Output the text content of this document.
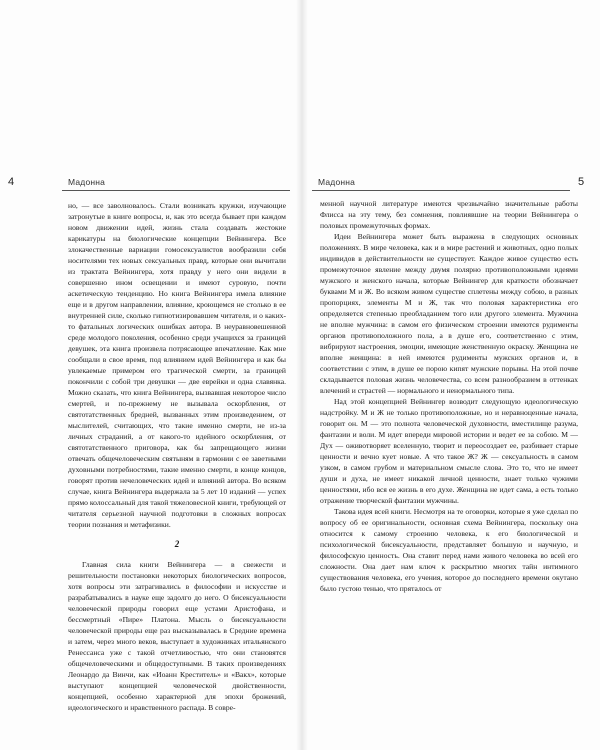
4	Мадонна

но, — все заволновалось. Стали возникать кружки, изучающие затронутые в книге вопросы, и, как это всегда бывает при каждом новом движении идей, жизнь стала создавать жестокие карикатуры на биологические концепции Вейнингера. Все злокачественные вариации гомосексуалистов вообразили себя носителями тех новых сексуальных правд, которые они вычитали из трактата Вейнингера, хотя правду у него они видели в совершенно ином освещении и имеют суровую, почти аскетическую тенденцию. Но книга Вейнингера имела влияние еще и в другом направлении, влияние, кроющемся не столько в ее внутренней силе, сколько гипнотизировавшем читателя, и о каких-то фатальных логических ошибках автора. В неуравновешенной среде молодого поколения, особенно среди учащихся за границей девушек, эта книга произвела потрясающее впечатление. Как мне сообщали в свое время, под влиянием идей Вейнингера и как бы увлекаемые примером его трагической смерти, за границей покончили с собой три девушки — две еврейки и одна славянка. Можно сказать, что книга Вейнингера, вызвавшая некоторое число смертей, и по-прежнему не вызывала оскорбления, от святотатственных бредней, вызванных этим произведением, от мыслителей, считающих, что такие именно смерти, не из-за личных страданий, а от какого-то идейного оскорбления, от святотатственного приговора, как бы запрещающего жизни отвечать общечеловеческим святыням в гармонии с ее заветными духовными потребностями, такие именно смерти, в конце концов, говорят против нечеловеческих идей и влияний автора. Во всяком случае, книга Вейнингера выдержала за 5 лет 10 изданий — успех прямо колоссальный для такой тяжеловесной книги, требующей от читателя серьезной научной подготовки в сложных вопросах теории познания и метафизики.

2

Главная сила книги Вейнингера — в свежести и решительности постановки некоторых биологических вопросов, хотя вопросы эти затрагивались в философии и искусстве и разрабатывались в науке еще задолго до него. О бисексуальности человеческой природы говорил еще устами Аристофана, и бессмертный «Пире» Платона. Мысль о бисексуальности человеческой природы еще раз высказывалась в Средние времена и затем, через много веков, выступает в художниках итальянского Ренессанса уже с такой отчетливостью, что они становятся общечеловеческими и общедоступными. В таких произведениях Леонардо да Винчи, как «Иоанн Креститель» и «Вакх», которые выступают концепцией человеческой двойственности, концепцией, особенно характерной для эпохи брожений, идеологического и нравственного распада. В совре-

Мадонна	5

менной научной литературе имеются чрезвычайно значительные работы Флисса на эту тему, без сомнения, повлиявшие на теории Вейнингера о половых промежуточных формах.

Идеи Вейнингера может быть выражена в следующих основных положениях. В мире человека, как и в мире растений и животных, одно полых индивидов в действительности не существует. Каждое живое существо есть промежуточное явление между двумя полярно противоположными идеями мужского и женского начала, которые Вейнингер для краткости обозначает буквами М и Ж. Во всяком живом существе сплетены между собою, в разных пропорциях, элементы М и Ж, так что половая характеристика его определяется степенью преобладанием того или другого элемента. Мужчина не вполне мужчина: в самом его физическом строении имеются рудименты органов противоположного пола, а в душе его, соответственно с этим, вибрируют настроения, эмоции, имеющие женственную окраску. Женщина не вполне женщина: в ней имеются рудименты мужских органов и, в соответствии с этим, в душе ее порою кипят мужские порывы. На этой почве складывается половая жизнь человечества, со всем разнообразием в оттенках влечений и страстей — нормального и ненормального типа.

Над этой концепцией Вейнингер возводит следующую идеологическую надстройку. М и Ж не только противоположные, но и неравноценные начала, говорит он. М — это полнота человеческой духовности, вместилище разума, фантазии и воли. М идет впереди мировой истории и ведет ее за собою. М — Дух — оживотворяет вселенную, творит и переосоздает ее, разбивает старые ценности и вечно кует новые. А что такое Ж? Ж — сексуальность в самом узком, в самом грубом и материальном смысле слова. Это то, что не имеет души и духа, не имеет никакой личной ценности, знает только чужими ценностями, ибо вся ее жизнь в его духе. Женщина не идет сама, а есть только отражение творческой фантазии мужчины.

Такова идея всей книги. Несмотря на те оговорки, которые я уже сделал по вопросу об ее оригинальности, основная схема Вейнингера, поскольку она относится к самому строению человека, к его биологической и психологической бисексуальности, представляет большую и научную, и философскую ценность. Она ставит перед нами живого человека во всей его сложности. Она дает нам ключ к раскрытию многих тайн интимного существования человека, его учения, которое до последнего времени окутано было густою тенью, что пряталось от
